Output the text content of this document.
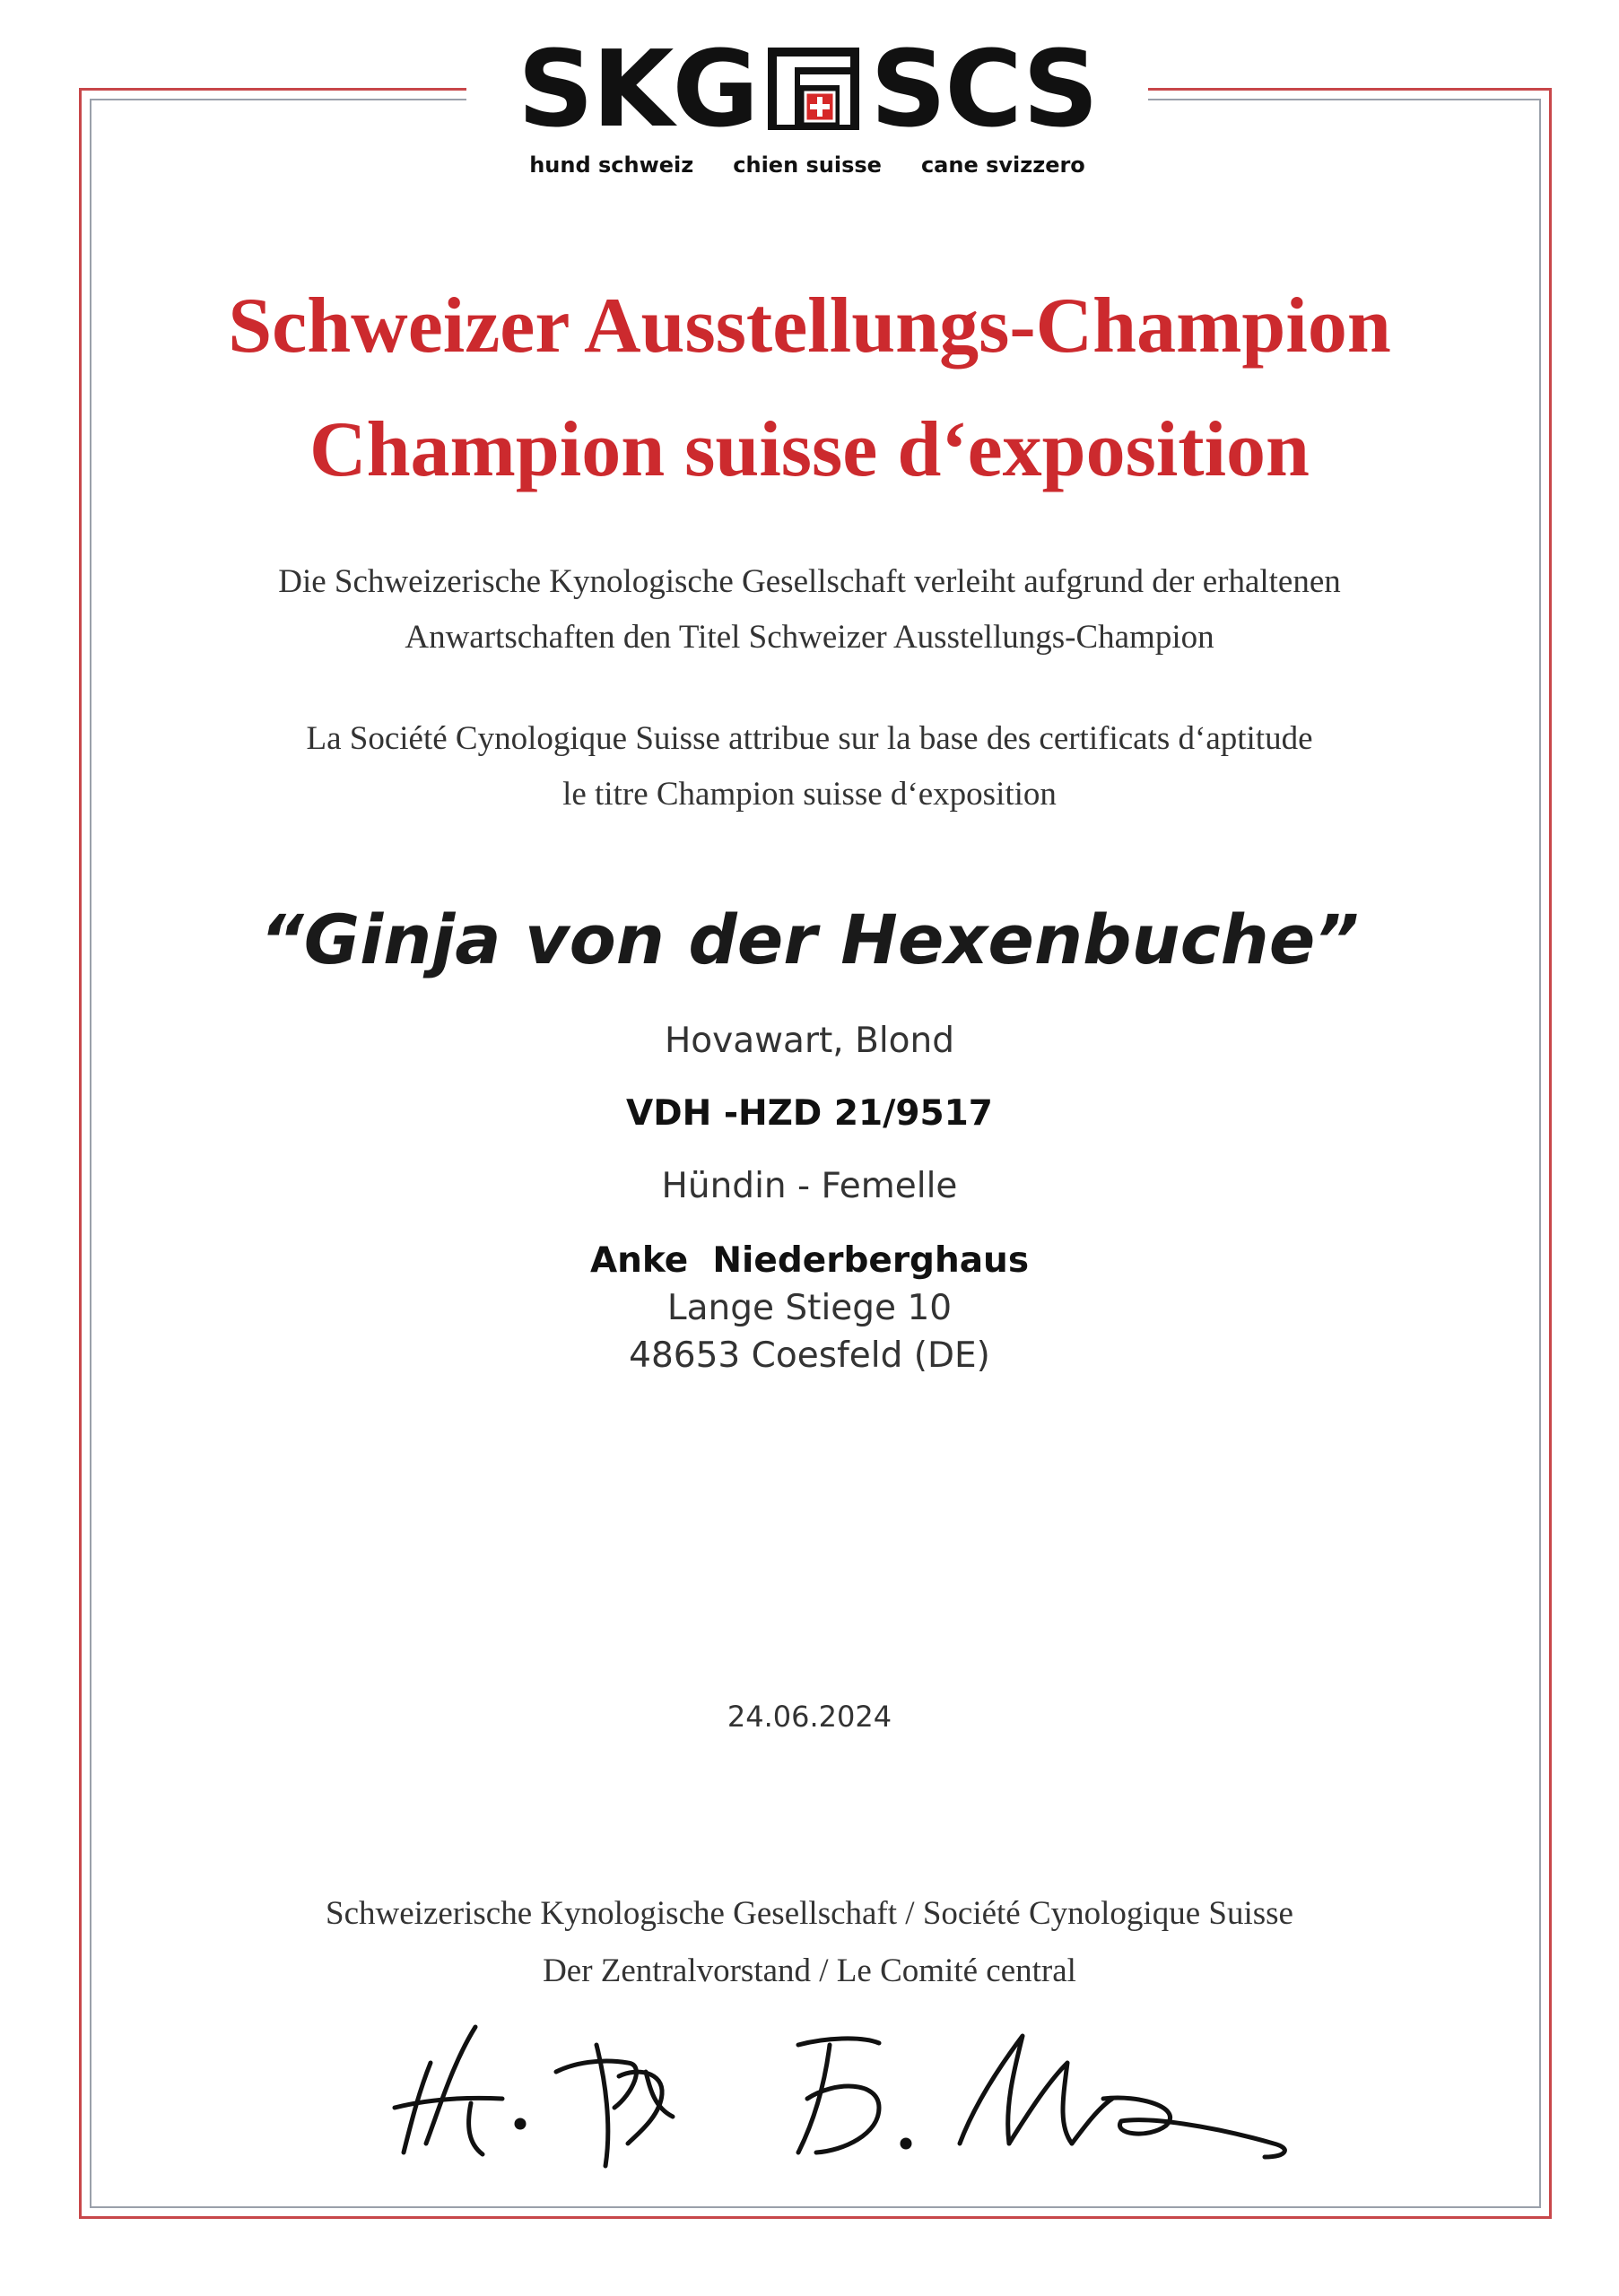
SKG SCS
hund schweiz chien suisse cane svizzero
Schweizer Ausstellungs-Champion
Champion suisse d‘exposition
Die Schweizerische Kynologische Gesellschaft verleiht aufgrund der erhaltenen
Anwartschaften den Titel Schweizer Ausstellungs-Champion
La Société Cynologique Suisse attribue sur la base des certificats d‘aptitude
le titre Champion suisse d‘exposition
“Ginja von der Hexenbuche”
Hovawart, Blond
VDH -HZD 21/9517
Hündin - Femelle
Anke  Niederberghaus
Lange Stiege 10
48653 Coesfeld (DE)
24.06.2024
Schweizerische Kynologische Gesellschaft / Société Cynologique Suisse
Der Zentralvorstand / Le Comité central
